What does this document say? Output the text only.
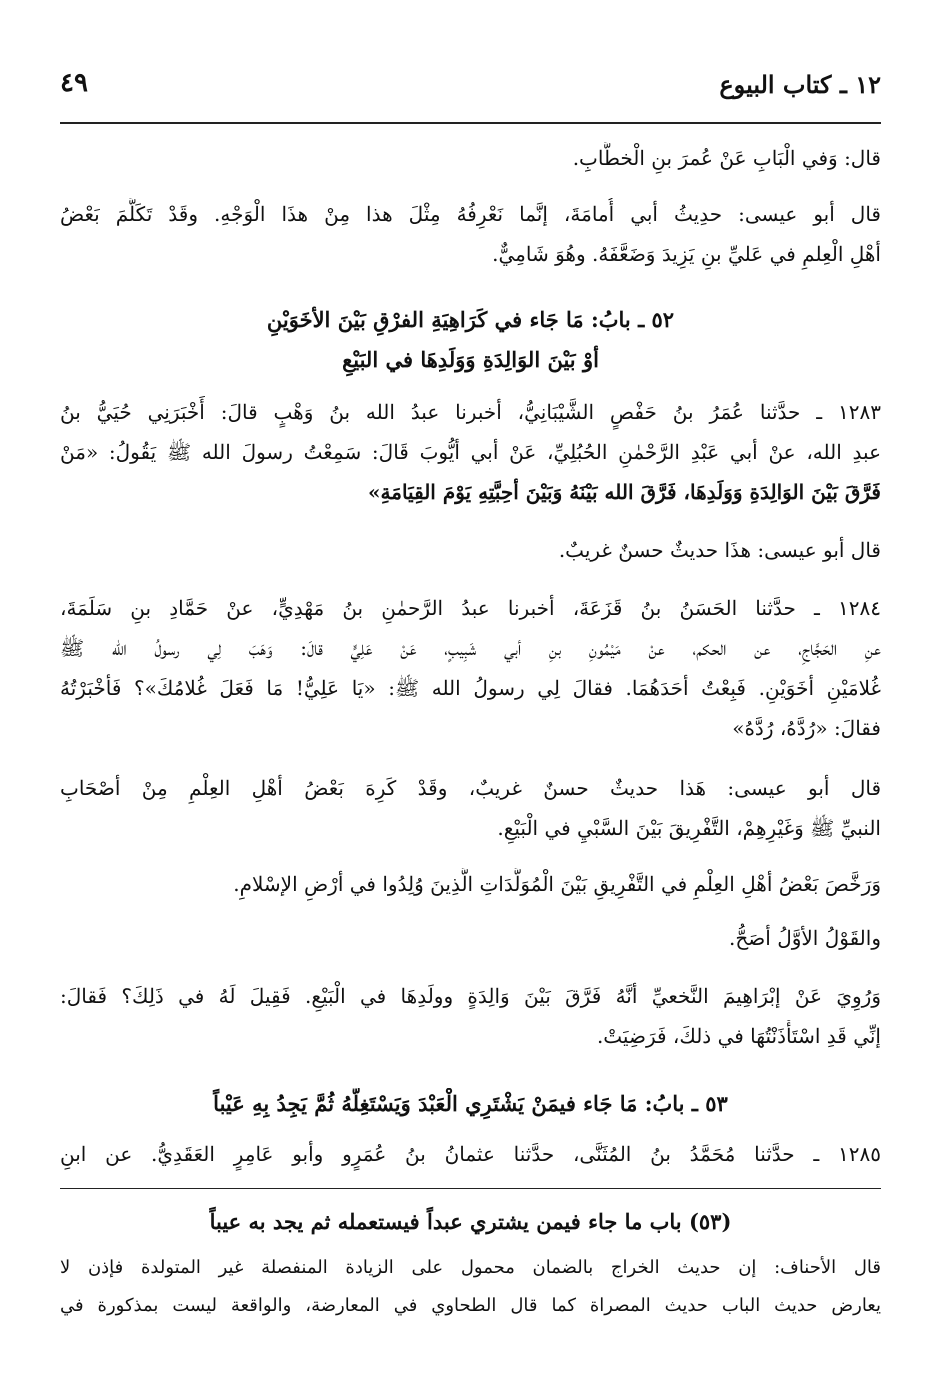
١٢ ـ كتاب البيوع
٤٩
قال: وَفي الْبَابِ عَنْ عُمرَ بنِ الْخطَّابِ.
قال أبو عيسى: حدِيثُ أبي أُمامَةَ، إنَّما نَعْرِفُهُ مِثْلَ هذا مِنْ هذَا الْوَجْهِ. وقَدْ تَكَلَّمَ بَعْضُ
أهْلِ الْعِلمِ في عَليِّ بنِ يَزِيدَ وَضَعَّفَهُ. وهُوَ شَامِيٌّ.
٥٢ ـ بابُ: مَا جَاء في كَرَاهِيَةِ الفرْقِ بَيْنَ الأخَوَيْنِ
أوْ بَيْنَ الوَالِدَةِ وَوَلَدِهَا في البَيْعِ
١٢٨٣ ـ حدَّثنا عُمَرُ بنُ حَفْصٍ الشَّيْبَانِيُّ، أخبرنا عبدُ الله بنُ وَهْبٍ قالَ: أَخْبَرَنِي حُيَيُّ بنُ
عبدِ الله، عنْ أبي عَبْدِ الرَّحْمٰنِ الحُبُلِيِّ، عَنْ أبي أيُّوبَ قَالَ: سَمِعْتُ رسولَ الله ﷺ يَقُولُ: «مَنْ
فَرَّقَ بَيْنَ الوَالِدَةِ وَوَلَدِهَا، فَرَّقَ الله بَيْنَهُ وَبَيْنَ أحِبَّتِهِ يَوْمَ القِيَامَةِ»
قال أبو عيسى: هذَا حديثٌ حسنٌ غريبٌ.
١٢٨٤ ـ حدَّثنا الحَسَنُ بنُ قَزَعَةَ، أخبرنا عبدُ الرَّحمٰنِ بنُ مَهْدِيٍّ، عنْ حَمَّادِ بنِ سَلَمَةَ،
عنِ الحَجَّاجِ، عن الحكم، عنْ مَيْمُونِ بنِ أبي شَبِيبٍ، عَنْ عَلِيٍّ قالَ: وَهَبَ لِي رسولُ الله ﷺ
غُلامَيْنِ أخَوَيْنِ. فَبِعْتُ أحَدَهُمَا. فقالَ لِي رسولُ الله ﷺ: «يَا عَلِيُّ! مَا فَعَلَ غُلامُكَ»؟ فَأخْبَرْتُهُ
فقالَ: «رُدَّهُ، رُدَّهُ»
قال أبو عيسى: هَذا حديثٌ حسنٌ غريبٌ، وقَدْ كَرِهَ بَعْضُ أهْلِ العِلْمِ مِنْ أصْحَابِ
النبيِّ ﷺ وَغَيْرِهِمْ، التَّفْرِيقَ بَيْنَ السَّبْيِ في الْبَيْعِ.
وَرَخَّصَ بَعْضُ أهْلِ العِلْمِ في التَّفْرِيقِ بَيْنَ الْمُوَلَّدَاتِ الَّذِينَ وُلِدُوا في أرْضِ الإسْلامِ.
والقَوْلُ الأوَّلُ أصَحُّ.
وَرُوِيَ عَنْ إبْرَاهِيمَ النَّخعيِّ أنَّهُ فَرَّقَ بَيْنَ وَالِدَةٍ وولَدِهَا في الْبَيْعِ. فَقِيلَ لَهُ في ذَلِكَ؟ فَقالَ:
إنِّي قَدِ اسْتَأْذَنْتُهَا في ذلكَ، فَرَضِيَتْ.
٥٣ ـ بابُ: مَا جَاء فيمَنْ يَشْتَرِي الْعَبْدَ وَيَسْتَغِلُّهُ ثُمَّ يَجِدُ بِهِ عَيْباً
١٢٨٥ ـ حدَّثنا مُحَمَّدُ بنُ المُثَنَّى، حدَّثنا عثمانُ بنُ عُمَرٍو وأبو عَامِرٍ العَقَدِيُّ. عن ابنِ
(٥٣) باب ما جاء فيمن يشتري عبداً فيستعمله ثم يجد به عيباً
قال الأحناف: إن حديث الخراج بالضمان محمول على الزيادة المنفصلة غير المتولدة فإذن لا
يعارض حديث الباب حديث المصراة كما قال الطحاوي في المعارضة، والواقعة ليست بمذكورة في
